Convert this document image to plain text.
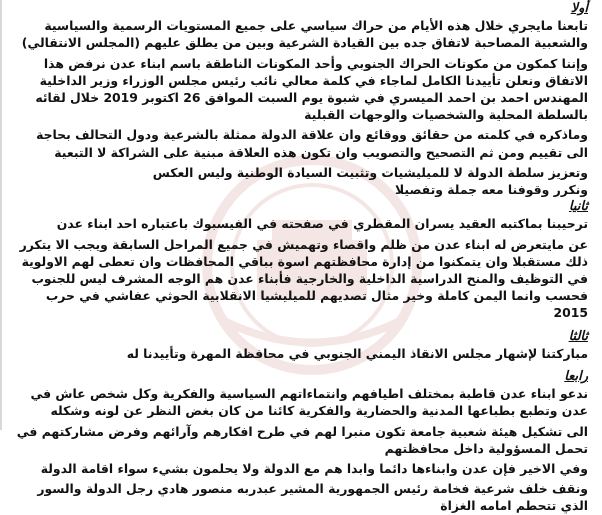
أولا

تابعنا مايجري خلال هذه الأيام من حراك سياسي على جميع المستويات الرسمية والسياسية والشعبية المصاحبة لاتفاق جده بين القيادة الشرعية وبين من يطلق عليهم (المجلس الانتقالي)

وإننا كمكون من مكونات الحراك الجنوبي وأحد المكونات الناطقة باسم ابناء عدن نرفض هذا الاتفاق ونعلن تأييدنا الكامل لماجاء في كلمة معالي نائب رئيس مجلس الوزراء وزير الداخلية المهندس احمد بن احمد الميسري في شبوة يوم السبت الموافق 26 اكتوبر 2019 خلال لقائه بالسلطة المحلية والشخصيات والوجهات القبلية

وماذكره في كلمته من حقائق ووقائع وان علاقة الدولة ممثلة بالشرعية ودول التحالف بحاجة الى تقييم ومن ثم التصحيح والتصويب وان تكون هذه العلاقة مبنية على الشراكة لا التبعية

وتعزيز سلطة الدولة لا للميليشيات وتثبيت السيادة الوطنية وليس العكس

ونكرر وقوفنا معه جملة وتفصيلا

ثانيا

ترحيبنا بماكتبه العقيد يسران المقطري في صفحته في الفيسبوك باعتباره احد ابناء عدن

عن مايتعرض له ابناء عدن من ظلم واقصاء وتهميش في جميع المراحل السابقة ويجب الا يتكرر ذلك مستقبلا وان يتمكنوا من إدارة محافظتهم اسوة بباقي المحافظات وان تعطى لهم الاولوية في التوظيف والمنح الدراسية الداخلية والخارجية فأبناء عدن هم الوجه المشرف ليس للجنوب فحسب وانما اليمن كاملة وخير مثال تصديهم للميليشيا الانقلابية الحوثي عفاشي في حرب 2015

ثالثا

مباركتنا لإشهار مجلس الانقاذ اليمني الجنوبي في محافظة المهرة وتأييدنا له

رابعا

ندعو ابناء عدن قاطبة بمختلف اطيافهم وانتماءاتهم السياسية والفكرية وكل شخص عاش في عدن وتطبع بطباعها المدنية والحضارية والفكرية كائنا من كان بغض النظر عن لونه وشكله

الى تشكيل هيئة شعبية جامعة تكون منبرا لهم في طرح افكارهم وآرائهم وفرض مشاركتهم في تحمل المسؤولية داخل محافظتهم

وفي الاخير فإن عدن وابناءها دائما وابدا هم مع الدولة ولا يحلمون بشيء سواء اقامة الدولة

ونقف خلف شرعية فخامة رئيس الجمهورية المشير عبدربه منصور هادي رجل الدولة والسور الذي تتحطم امامه الغزاة
